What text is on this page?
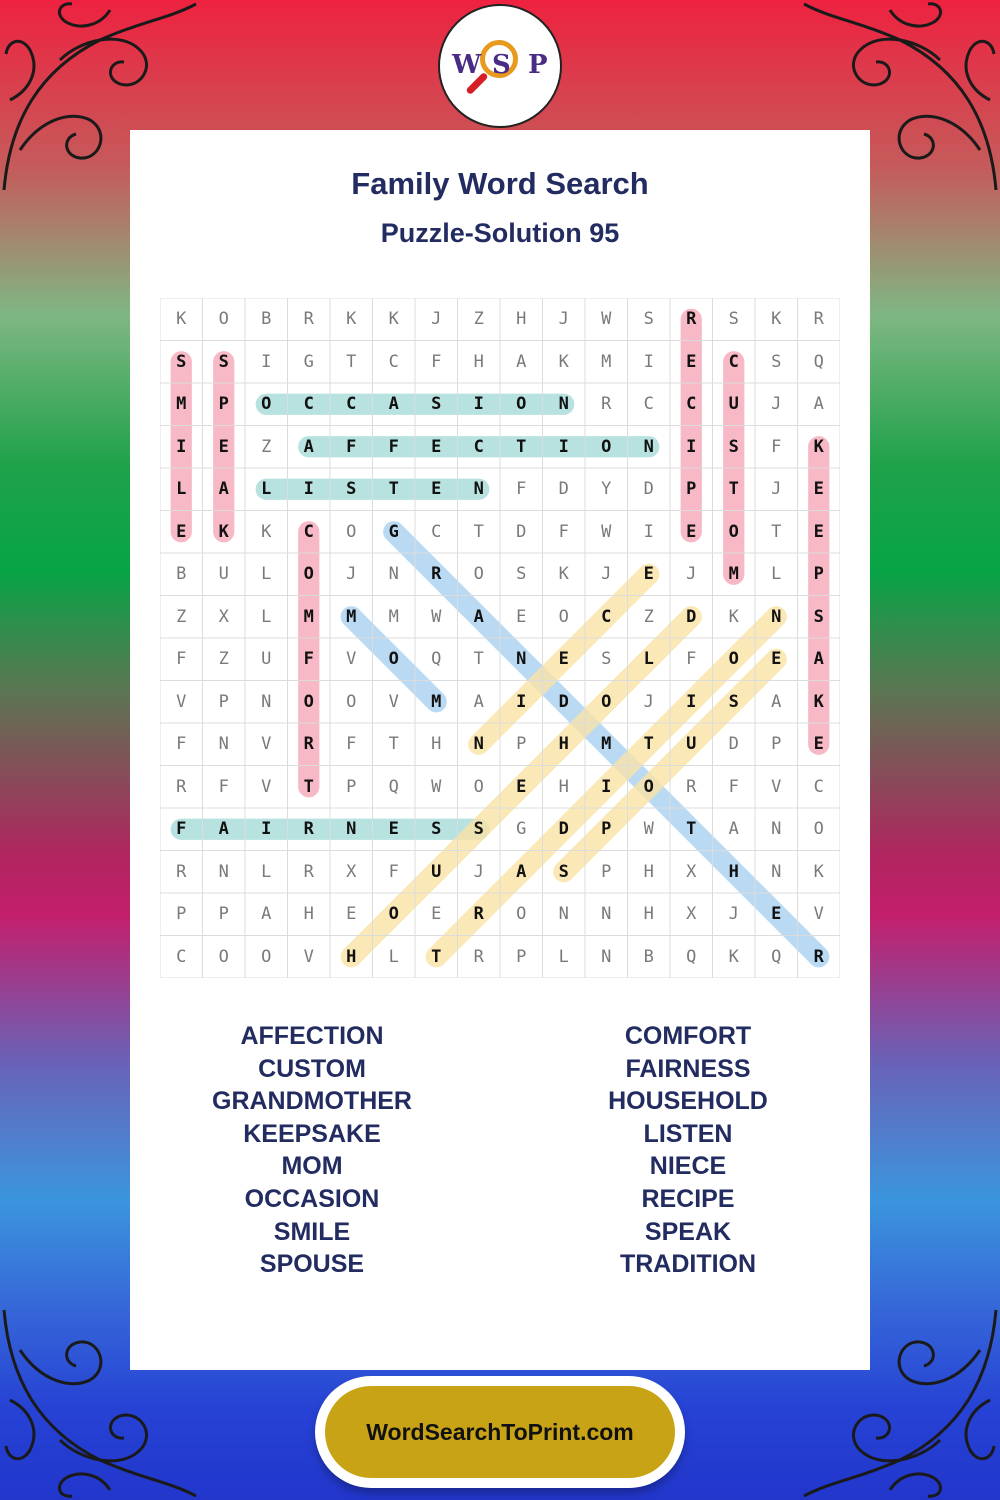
W S P
Family Word Search
Puzzle-Solution 95
K	O	B	R	K	K	J	Z	H	J	W	S	R	S	K	R
S	S	I	G	T	C	F	H	A	K	M	I	E	C	S	Q
M	P	O	C	C	A	S	I	O	N	R	C	C	U	J	A
I	E	Z	A	F	F	E	C	T	I	O	N	I	S	F	K
L	A	L	I	S	T	E	N	F	D	Y	D	P	T	J	E
E	K	K	C	O	G	C	T	D	F	W	I	E	O	T	E
B	U	L	O	J	N	R	O	S	K	J	E	J	M	L	P
Z	X	L	M	M	M	W	A	E	O	C	Z	D	K	N	S
F	Z	U	F	V	O	Q	T	N	E	S	L	F	O	E	A
V	P	N	O	O	V	M	A	I	D	O	J	I	S	A	K
F	N	V	R	F	T	H	N	P	H	M	T	U	D	P	E
R	F	V	T	P	Q	W	O	E	H	I	O	R	F	V	C
F	A	I	R	N	E	S	S	G	D	P	W	T	A	N	O
R	N	L	R	X	F	U	J	A	S	P	H	X	H	N	K
P	P	A	H	E	O	E	R	O	N	N	H	X	J	E	V
C	O	O	V	H	L	T	R	P	L	N	B	Q	K	Q	R
AFFECTION
CUSTOM
GRANDMOTHER
KEEPSAKE
MOM
OCCASION
SMILE
SPOUSE
COMFORT
FAIRNESS
HOUSEHOLD
LISTEN
NIECE
RECIPE
SPEAK
TRADITION
WordSearchToPrint.com
